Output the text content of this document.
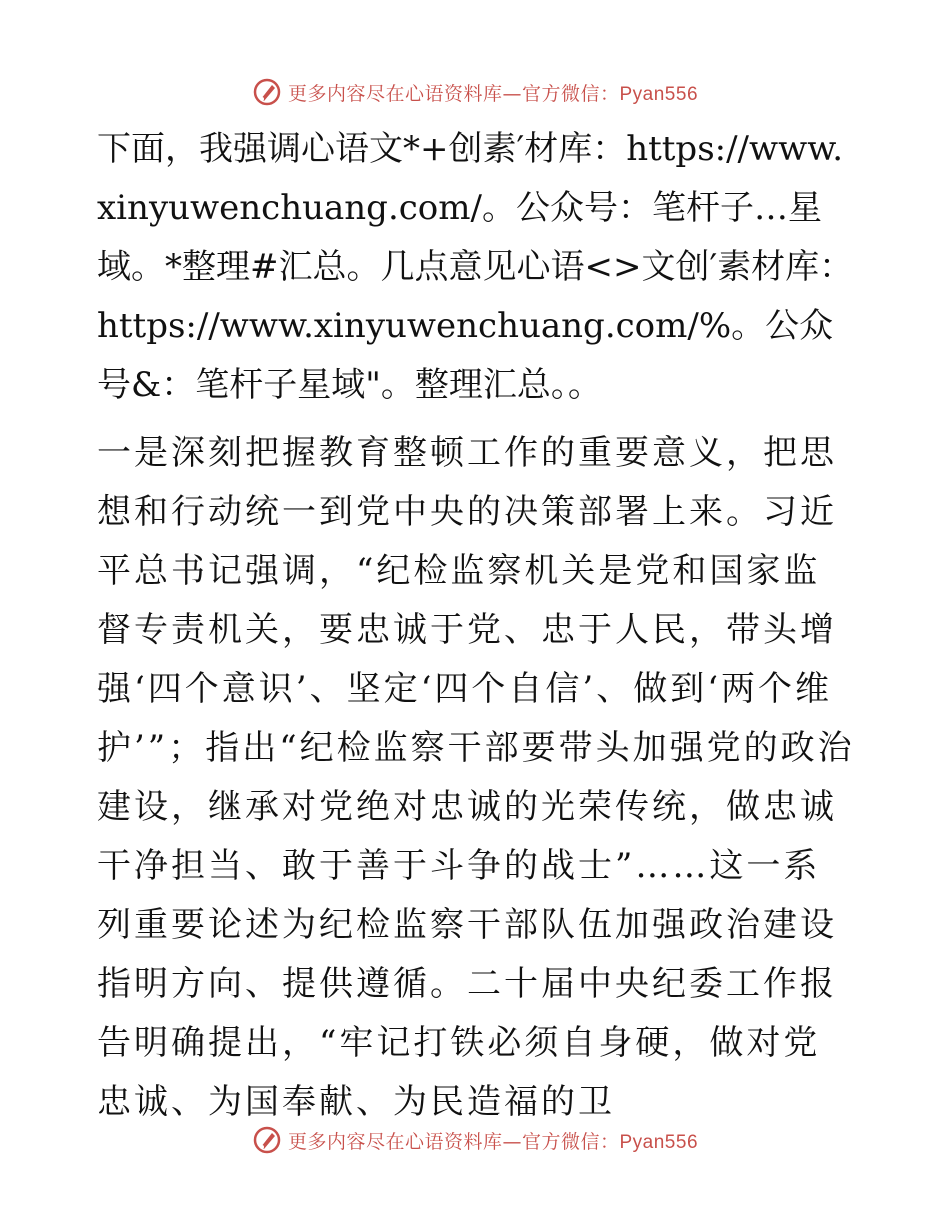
更多内容尽在心语资料库—官方微信：Pyan556

下面，我强调心语文*+创素′材库：https://www.xinyuwenchuang.com/。公众号：笔杆子…星域。*整理#汇总。几点意见心语<>文创′素材库：https://www.xinyuwenchuang.com/%。公众号&：笔杆子星域"。整理汇总。。

一是深刻把握教育整顿工作的重要意义，把思想和行动统一到党中央的决策部署上来。习近平总书记强调，“纪检监察机关是党和国家监督专责机关，要忠诚于党、忠于人民，带头增强‘四个意识’、坚定‘四个自信’、做到‘两个维护’”；指出“纪检监察干部要带头加强党的政治建设，继承对党绝对忠诚的光荣传统，做忠诚干净担当、敢于善于斗争的战士”……这一系列重要论述为纪检监察干部队伍加强政治建设指明方向、提供遵循。二十届中央纪委工作报告明确提出，“牢记打铁必须自身硬，做对党忠诚、为国奉献、为民造福的卫

更多内容尽在心语资料库—官方微信：Pyan556
